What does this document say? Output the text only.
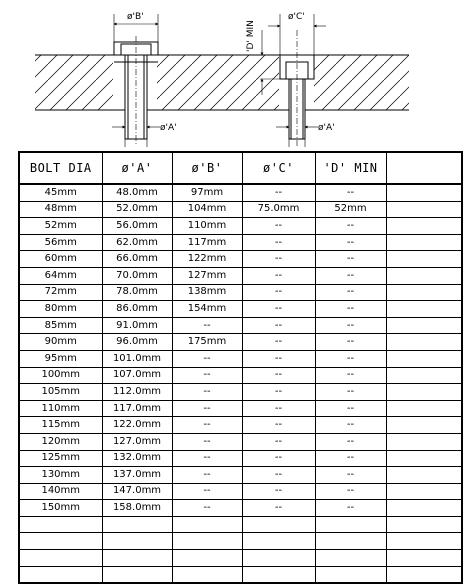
ø'B'
ø'A'
ø'C'
ø'A'
'D' MIN
BOLT DIA	ø'A'	ø'B'	ø'C'	'D' MIN	
45mm	48.0mm	97mm	--	--	
48mm	52.0mm	104mm	75.0mm	52mm	
52mm	56.0mm	110mm	--	--	
56mm	62.0mm	117mm	--	--	
60mm	66.0mm	122mm	--	--	
64mm	70.0mm	127mm	--	--	
72mm	78.0mm	138mm	--	--	
80mm	86.0mm	154mm	--	--	
85mm	91.0mm	--	--	--	
90mm	96.0mm	175mm	--	--	
95mm	101.0mm	--	--	--	
100mm	107.0mm	--	--	--	
105mm	112.0mm	--	--	--	
110mm	117.0mm	--	--	--	
115mm	122.0mm	--	--	--	
120mm	127.0mm	--	--	--	
125mm	132.0mm	--	--	--	
130mm	137.0mm	--	--	--	
140mm	147.0mm	--	--	--	
150mm	158.0mm	--	--	--	
